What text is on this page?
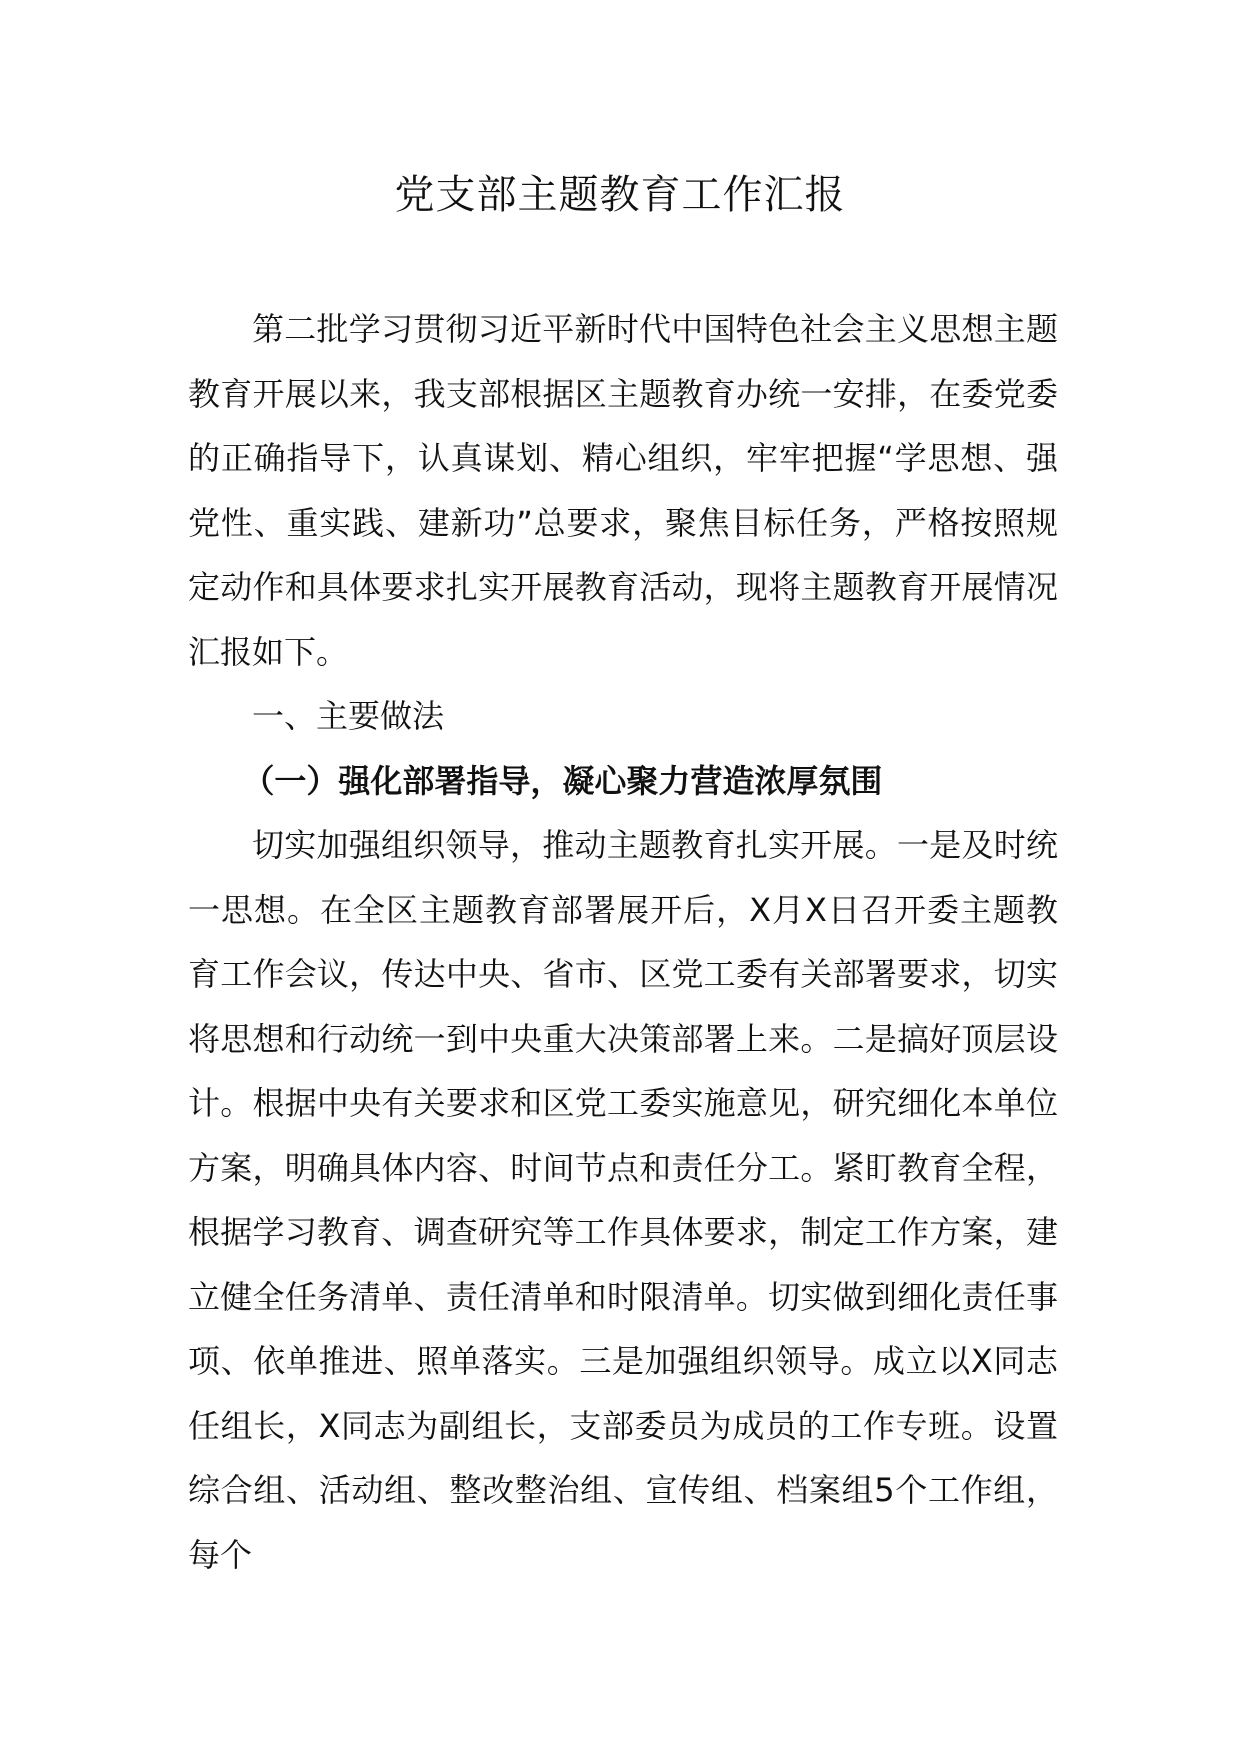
党支部主题教育工作汇报

第二批学习贯彻习近平新时代中国特色社会主义思想主题教育开展以来，我支部根据区主题教育办统一安排，在委党委的正确指导下，认真谋划、精心组织，牢牢把握“学思想、强党性、重实践、建新功”总要求，聚焦目标任务，严格按照规定动作和具体要求扎实开展教育活动，现将主题教育开展情况汇报如下。

一、主要做法

（一）强化部署指导，凝心聚力营造浓厚氛围

切实加强组织领导，推动主题教育扎实开展。一是及时统一思想。在全区主题教育部署展开后，X月X日召开委主题教育工作会议，传达中央、省市、区党工委有关部署要求，切实将思想和行动统一到中央重大决策部署上来。二是搞好顶层设计。根据中央有关要求和区党工委实施意见，研究细化本单位方案，明确具体内容、时间节点和责任分工。紧盯教育全程，根据学习教育、调查研究等工作具体要求，制定工作方案，建立健全任务清单、责任清单和时限清单。切实做到细化责任事项、依单推进、照单落实。三是加强组织领导。成立以X同志任组长，X同志为副组长，支部委员为成员的工作专班。设置综合组、活动组、整改整治组、宣传组、档案组5个工作组，每个
